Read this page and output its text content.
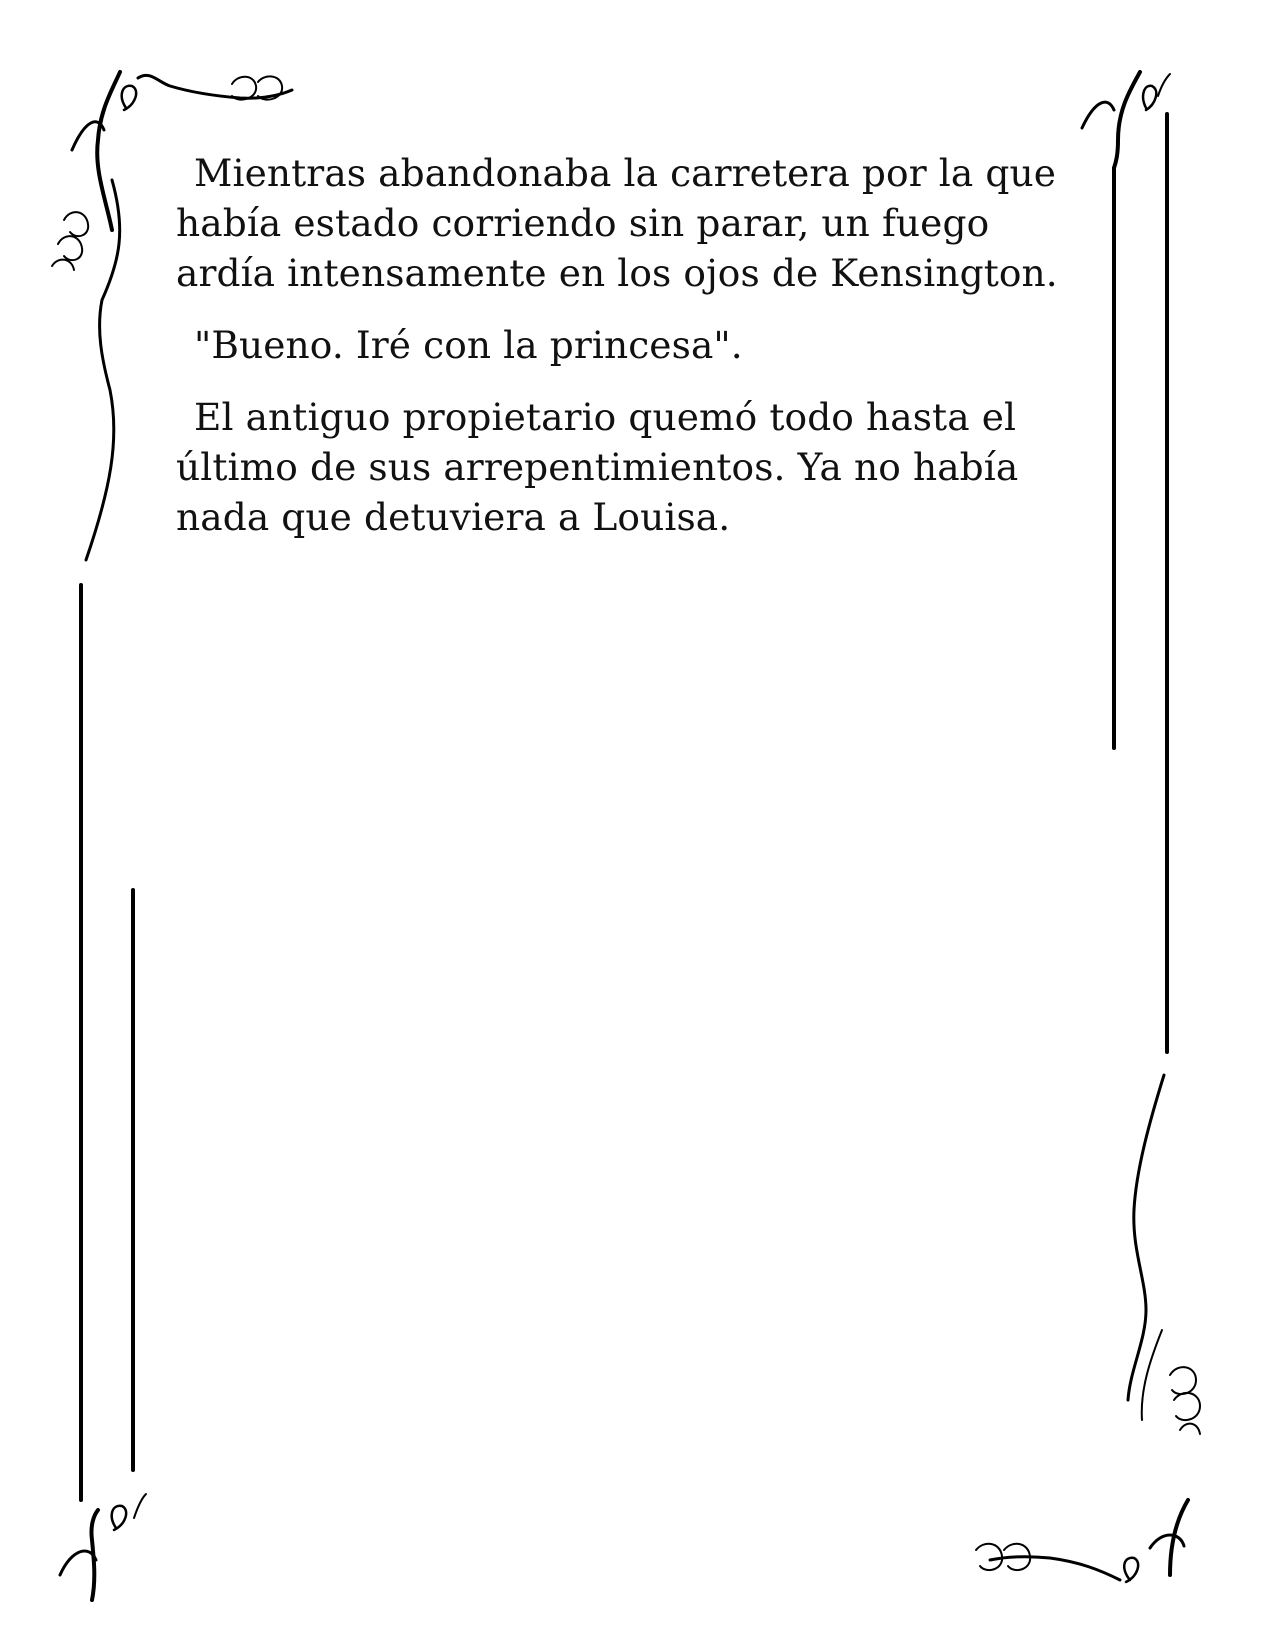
Mientras abandonaba la carretera por la que había estado corriendo sin parar, un fuego ardía intensamente en los ojos de Kensington.

"Bueno. Iré con la princesa".

El antiguo propietario quemó todo hasta el último de sus arrepentimientos. Ya no había nada que detuviera a Louisa.
